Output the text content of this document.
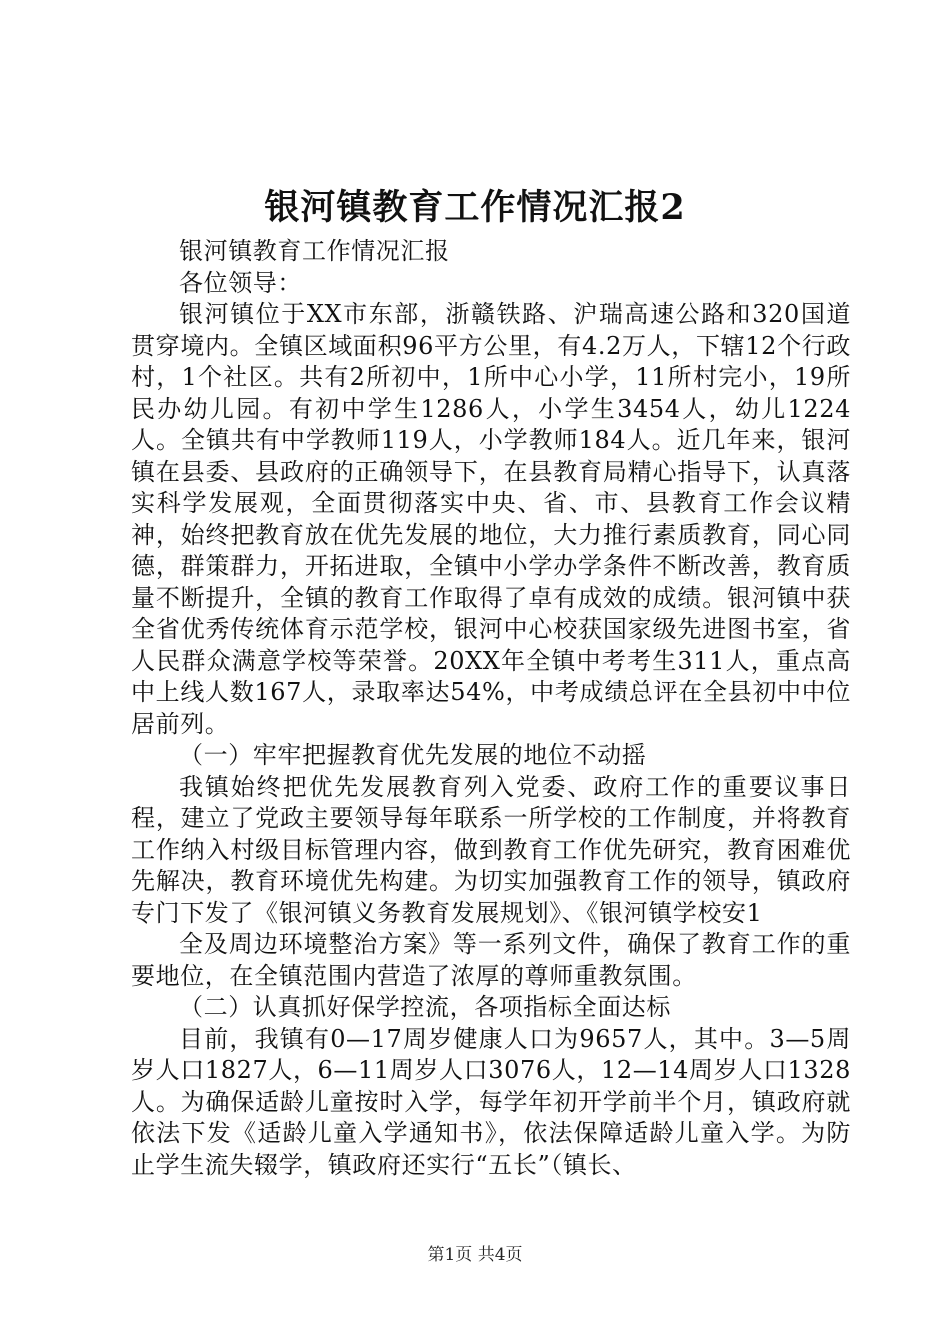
银河镇教育工作情况汇报2

银河镇教育工作情况汇报

各位领导：

银河镇位于XX市东部，浙赣铁路、沪瑞高速公路和320国道贯穿境内。全镇区域面积96平方公里，有4.2万人，下辖12个行政村，1个社区。共有2所初中，1所中心小学，11所村完小，19所民办幼儿园。有初中学生1286人，小学生3454人，幼儿1224人。全镇共有中学教师119人，小学教师184人。近几年来，银河镇在县委、县政府的正确领导下，在县教育局精心指导下，认真落实科学发展观，全面贯彻落实中央、省、市、县教育工作会议精神，始终把教育放在优先发展的地位，大力推行素质教育，同心同德，群策群力，开拓进取，全镇中小学办学条件不断改善，教育质量不断提升，全镇的教育工作取得了卓有成效的成绩。银河镇中获全省优秀传统体育示范学校，银河中心校获国家级先进图书室，省人民群众满意学校等荣誉。20XX年全镇中考考生311人，重点高中上线人数167人，录取率达54%，中考成绩总评在全县初中中位居前列。

（一）牢牢把握教育优先发展的地位不动摇

我镇始终把优先发展教育列入党委、政府工作的重要议事日程，建立了党政主要领导每年联系一所学校的工作制度，并将教育工作纳入村级目标管理内容，做到教育工作优先研究，教育困难优先解决，教育环境优先构建。为切实加强教育工作的领导，镇政府专门下发了《银河镇义务教育发展规划》、《银河镇学校安1

全及周边环境整治方案》等一系列文件，确保了教育工作的重要地位，在全镇范围内营造了浓厚的尊师重教氛围。

（二）认真抓好保学控流，各项指标全面达标

目前，我镇有0—17周岁健康人口为9657人，其中。3—5周岁人口1827人，6—11周岁人口3076人，12—14周岁人口1328人。为确保适龄儿童按时入学，每学年初开学前半个月，镇政府就依法下发《适龄儿童入学通知书》，依法保障适龄儿童入学。为防止学生流失辍学，镇政府还实行“五长”（镇长、

第1页 共4页
